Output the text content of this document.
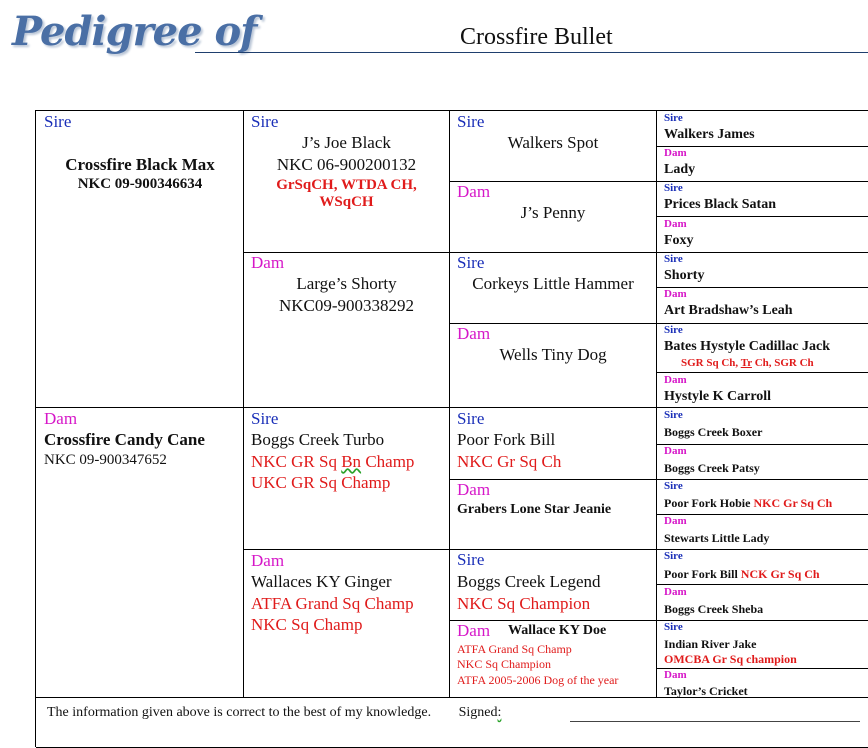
Pedigree of	Crossfire Bullet
Sire
Crossfire Black Max
NKC 09-900346634
Dam
Crossfire Candy Cane
NKC 09-900347652
Sire
J’s Joe Black
NKC 06-900200132
GrSqCH, WTDA CH,
WSqCH
Dam
Large’s Shorty
NKC09-900338292
Sire
Boggs Creek Turbo
NKC GR Sq Bn Champ
UKC GR Sq Champ
Dam
Wallaces KY Ginger
ATFA Grand Sq Champ
NKC Sq Champ
Sire
Walkers Spot
Dam
J’s Penny
Sire
Corkeys Little Hammer
Dam
Wells Tiny Dog
Sire
Poor Fork Bill
NKC Gr Sq Ch
Dam
Grabers Lone Star Jeanie
Sire
Boggs Creek Legend
NKC Sq Champion
Dam Wallace KY Doe
ATFA Grand Sq Champ
NKC Sq Champion
ATFA 2005-2006 Dog of the year
Sire
Walkers James
Dam
Lady
Sire
Prices Black Satan
Dam
Foxy
Sire
Shorty
Dam
Art Bradshaw’s Leah
Sire
Bates Hystyle Cadillac Jack
SGR Sq Ch, Tr Ch, SGR Ch
Dam
Hystyle K Carroll
Sire
Boggs Creek Boxer
Dam
Boggs Creek Patsy
Sire
Poor Fork Hobie NKC Gr Sq Ch
Dam
Stewarts Little Lady
Sire
Poor Fork Bill NCK Gr Sq Ch
Dam
Boggs Creek Sheba
Sire
Indian River Jake
OMCBA Gr Sq champion
Dam
Taylor’s Cricket
The information given above is correct to the best of my knowledge. Signed:
